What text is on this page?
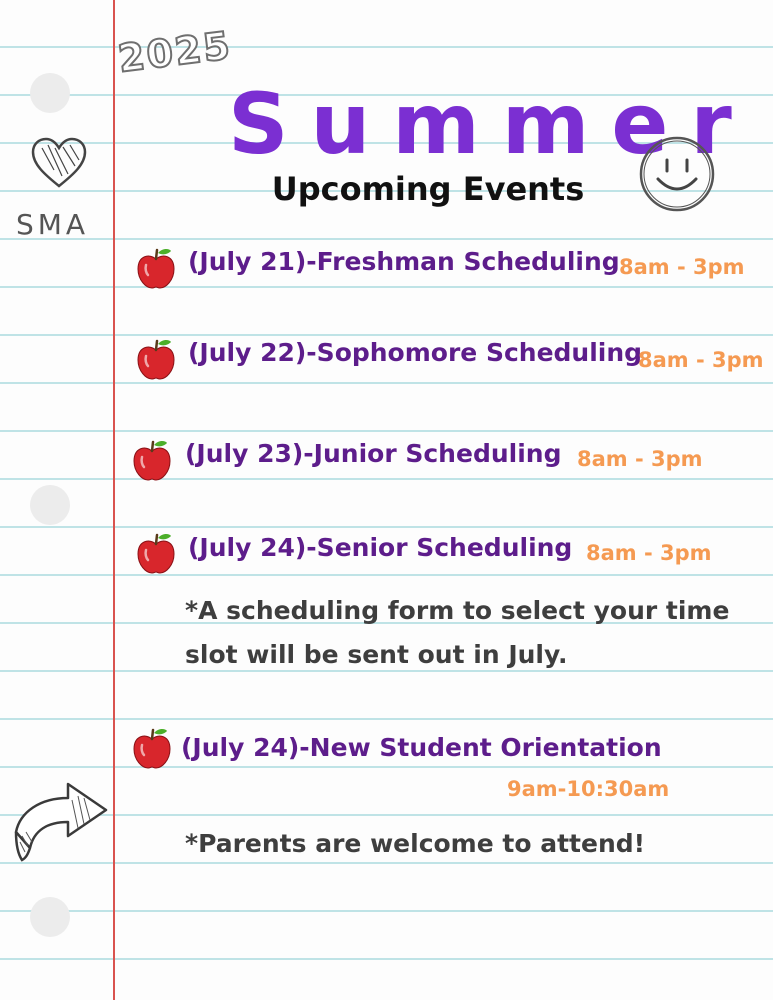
2025
SMA
Summer
Upcoming Events
(July 21)-Freshman Scheduling 8am - 3pm
(July 22)-Sophomore Scheduling
8am - 3pm
(July 23)-Junior Scheduling 8am - 3pm
(July 24)-Senior Scheduling 8am - 3pm
*A scheduling form to select your time
slot will be sent out in July.
(July 24)-New Student Orientation
9am-10:30am
*Parents are welcome to attend!
